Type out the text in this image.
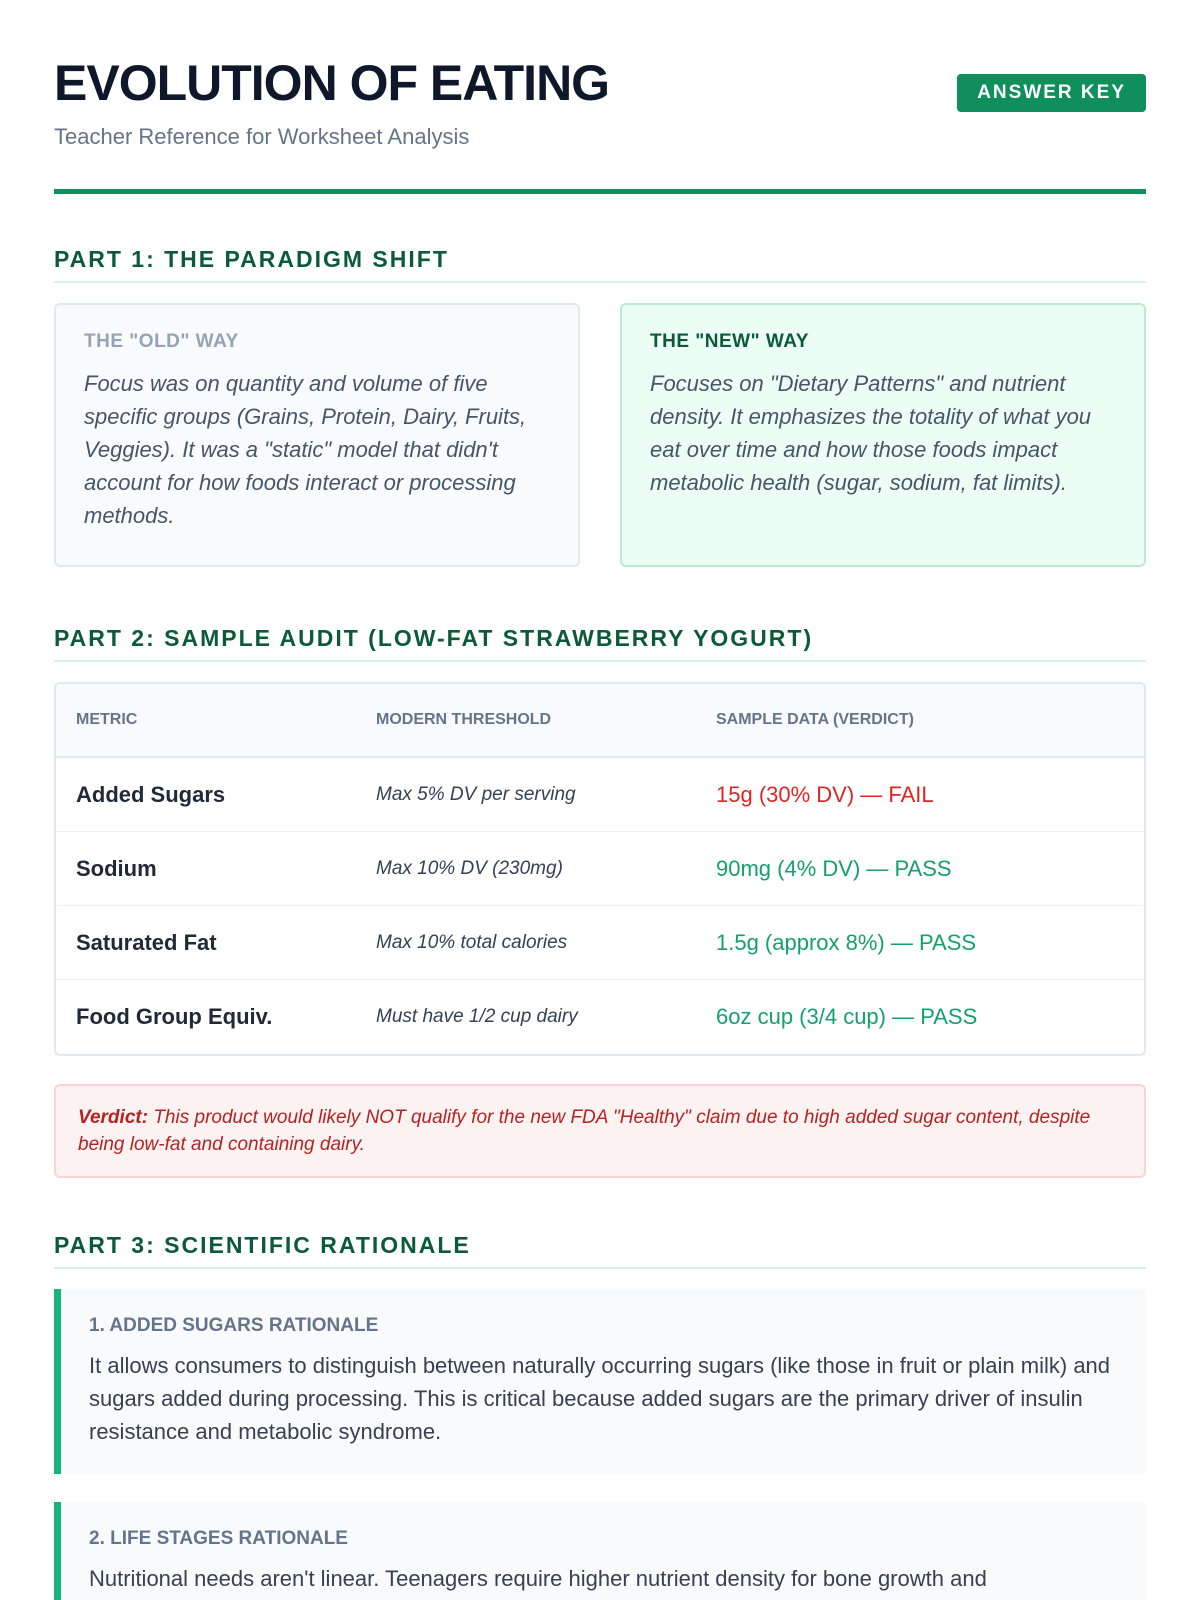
EVOLUTION OF EATING
Teacher Reference for Worksheet Analysis
ANSWER KEY
PART 1: THE PARADIGM SHIFT
THE "OLD" WAY

Focus was on quantity and volume of five specific groups (Grains, Protein, Dairy, Fruits, Veggies). It was a "static" model that didn't account for how foods interact or processing methods.

THE "NEW" WAY

Focuses on "Dietary Patterns" and nutrient density. It emphasizes the totality of what you eat over time and how those foods impact metabolic health (sugar, sodium, fat limits).

PART 2: SAMPLE AUDIT (LOW-FAT STRAWBERRY YOGURT)
METRIC	MODERN THRESHOLD	SAMPLE DATA (VERDICT)
Added Sugars	Max 5% DV per serving	15g (30% DV) — FAIL
Sodium	Max 10% DV (230mg)	90mg (4% DV) — PASS
Saturated Fat	Max 10% total calories	1.5g (approx 8%) — PASS
Food Group Equiv.	Must have 1/2 cup dairy	6oz cup (3/4 cup) — PASS
Verdict: This product would likely NOT qualify for the new FDA "Healthy" claim due to high added sugar content, despite being low-fat and containing dairy.
PART 3: SCIENTIFIC RATIONALE
1. ADDED SUGARS RATIONALE

It allows consumers to distinguish between naturally occurring sugars (like those in fruit or plain milk) and sugars added during processing. This is critical because added sugars are the primary driver of insulin resistance and metabolic syndrome.

2. LIFE STAGES RATIONALE

Nutritional needs aren't linear. Teenagers require higher nutrient density for bone growth and
